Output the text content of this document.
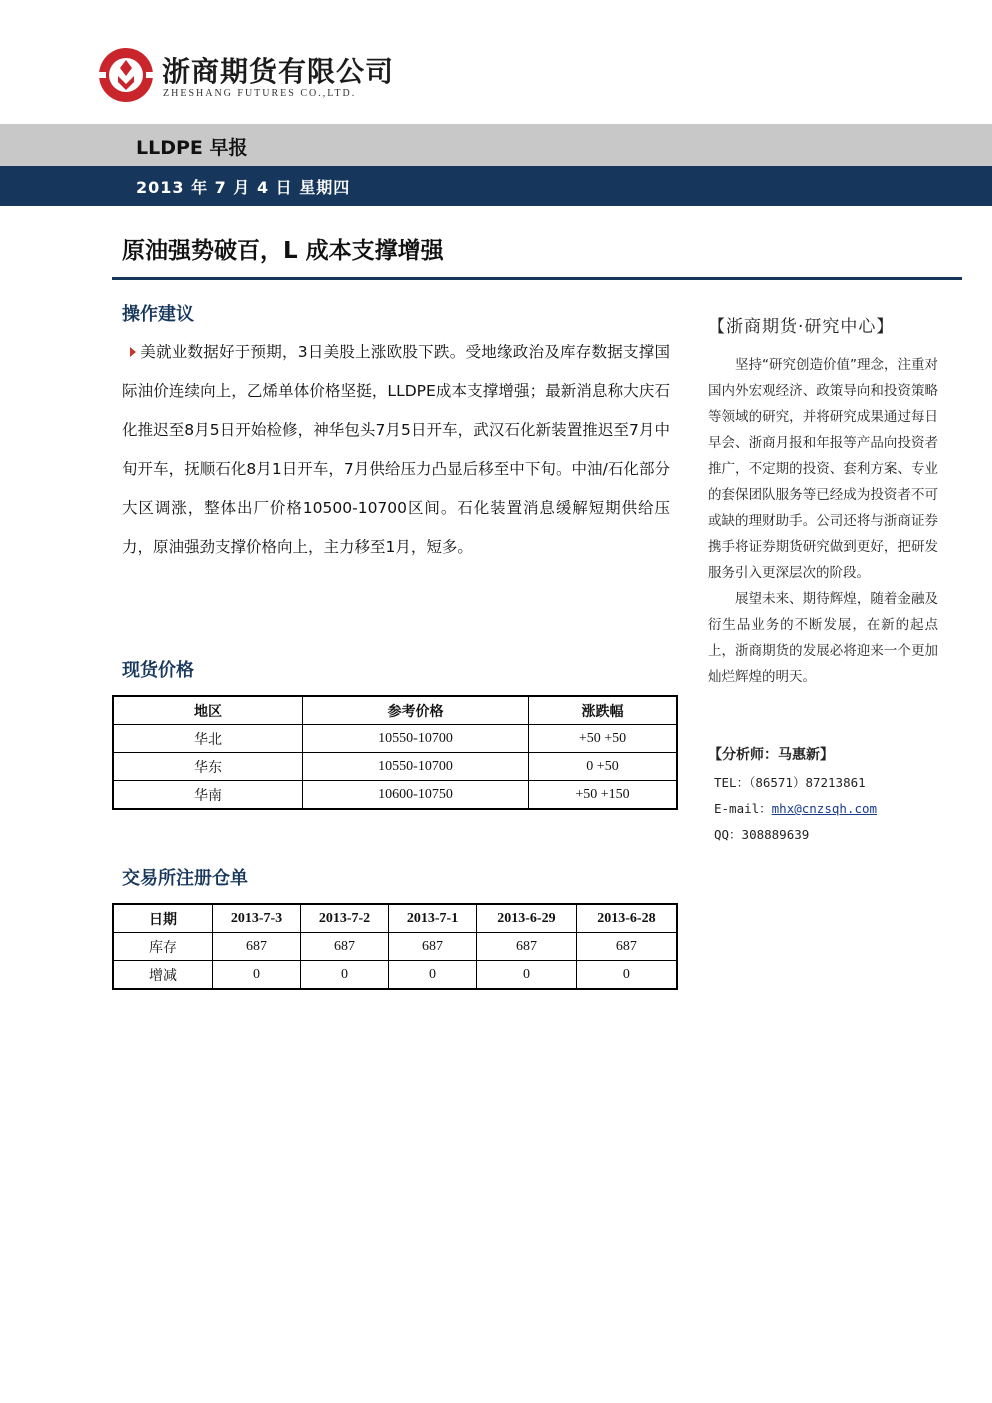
浙商期货有限公司
ZHESHANG FUTURES CO.,LTD.
LLDPE 早报
2013 年 7 月 4 日 星期四
原油强势破百，L 成本支撑增强
操作建议
美就业数据好于预期，3日美股上涨欧股下跌。受地缘政治及库存数据支撑国际油价连续向上，乙烯单体价格坚挺，LLDPE成本支撑增强；最新消息称大庆石化推迟至8月5日开始检修，神华包头7月5日开车，武汉石化新装置推迟至7月中旬开车，抚顺石化8月1日开车，7月供给压力凸显后移至中下旬。中油/石化部分大区调涨，整体出厂价格10500-10700区间。石化装置消息缓解短期供给压力，原油强劲支撑价格向上，主力移至1月，短多。
现货价格
地区	参考价格	涨跌幅
华北	10550-10700	+50 +50
华东	10550-10700	0 +50
华南	10600-10750	+50 +150
交易所注册仓单
日期	2013-7-3	2013-7-2	2013-7-1	2013-6-29	2013-6-28
库存	687	687	687	687	687
增减	0	0	0	0	0
【浙商期货·研究中心】

坚持“研究创造价值”理念，注重对国内外宏观经济、政策导向和投资策略等领域的研究，并将研究成果通过每日早会、浙商月报和年报等产品向投资者推广，不定期的投资、套利方案、专业的套保团队服务等已经成为投资者不可或缺的理财助手。公司还将与浙商证券携手将证券期货研究做到更好，把研发服务引入更深层次的阶段。

展望未来、期待辉煌，随着金融及衍生品业务的不断发展，在新的起点上，浙商期货的发展必将迎来一个更加灿烂辉煌的明天。

【分析师：马惠新】
TEL：（86571）87213861
E-mail：mhx@cnzsqh.com
QQ：308889639
